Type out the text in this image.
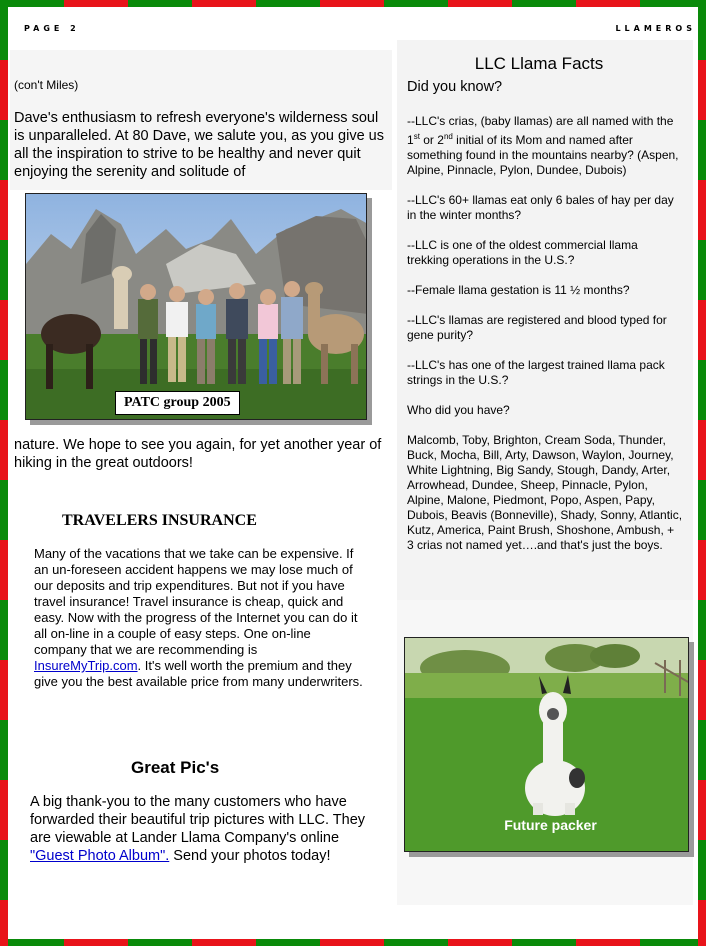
PAGE 2	LLAMEROS
(con't Miles)
Dave's enthusiasm to refresh everyone's wilderness soul is unparalleled. At 80 Dave, we salute you, as you give us all the inspiration to strive to be healthy and never quit enjoying the serenity and solitude of
PATC group 2005
nature. We hope to see you again, for yet another year of hiking in the great outdoors!
TRAVELERS INSURANCE
Many of the vacations that we take can be expensive. If an un-foreseen accident happens we may lose much of our deposits and trip expenditures. But not if you have travel insurance! Travel insurance is cheap, quick and easy. Now with the progress of the Internet you can do it all on-line in a couple of easy steps. One on-line company that we are recommending is InsureMyTrip.com. It's well worth the premium and they give you the best available price from many underwriters.
Great Pic's
A big thank-you to the many customers who have forwarded their beautiful trip pictures with LLC. They are viewable at Lander Llama Company's online "Guest Photo Album". Send your photos today!
LLC Llama Facts
Did you know?

--LLC's crias, (baby llamas) are all named with the 1st or 2nd initial of its Mom and named after something found in the mountains nearby? (Aspen, Alpine, Pinnacle, Pylon, Dundee, Dubois)

--LLC's 60+ llamas eat only 6 bales of hay per day in the winter months?

--LLC is one of the oldest commercial llama trekking operations in the U.S.?

--Female llama gestation is 11 ½ months?

--LLC's llamas are registered and blood typed for gene purity?

--LLC's has one of the largest trained llama pack strings in the U.S.?

Who did you have?

Malcomb, Toby, Brighton, Cream Soda, Thunder, Buck, Mocha, Bill, Arty, Dawson, Waylon, Journey, White Lightning, Big Sandy, Stough, Dandy, Arter, Arrowhead, Dundee, Sheep, Pinnacle, Pylon, Alpine, Malone, Piedmont, Popo, Aspen, Papy, Dubois, Beavis (Bonneville), Shady, Sonny, Atlantic, Kutz, America, Paint Brush, Shoshone, Ambush, + 3 crias not named yet….and that's just the boys.

Future packer
